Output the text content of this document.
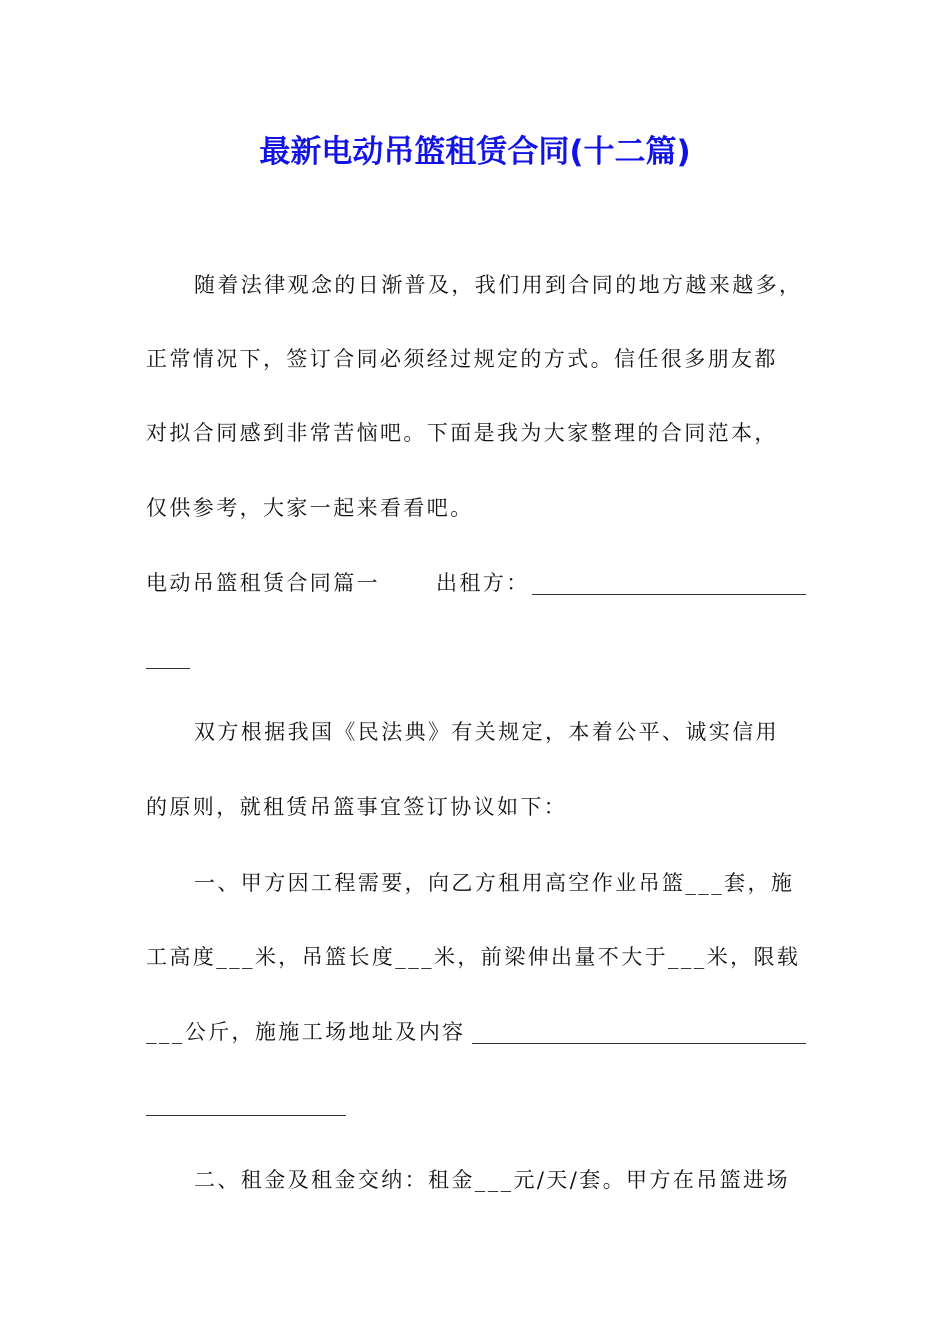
最新电动吊篮租赁合同(十二篇)
随着法律观念的日渐普及，我们用到合同的地方越来越多，
正常情况下，签订合同必须经过规定的方式。信任很多朋友都
对拟合同感到非常苦恼吧。下面是我为大家整理的合同范本，
仅供参考，大家一起来看看吧。
电动吊篮租赁合同篇一	出租方：
双方根据我国《民法典》有关规定，本着公平、诚实信用
的原则，就租赁吊篮事宜签订协议如下：
一、甲方因工程需要，向乙方租用高空作业吊篮___套，施
工高度___米，吊篮长度___米，前梁伸出量不大于___米，限载
___公斤，施施工场地址及内容
二、租金及租金交纳：租金___元/天/套。甲方在吊篮进场
